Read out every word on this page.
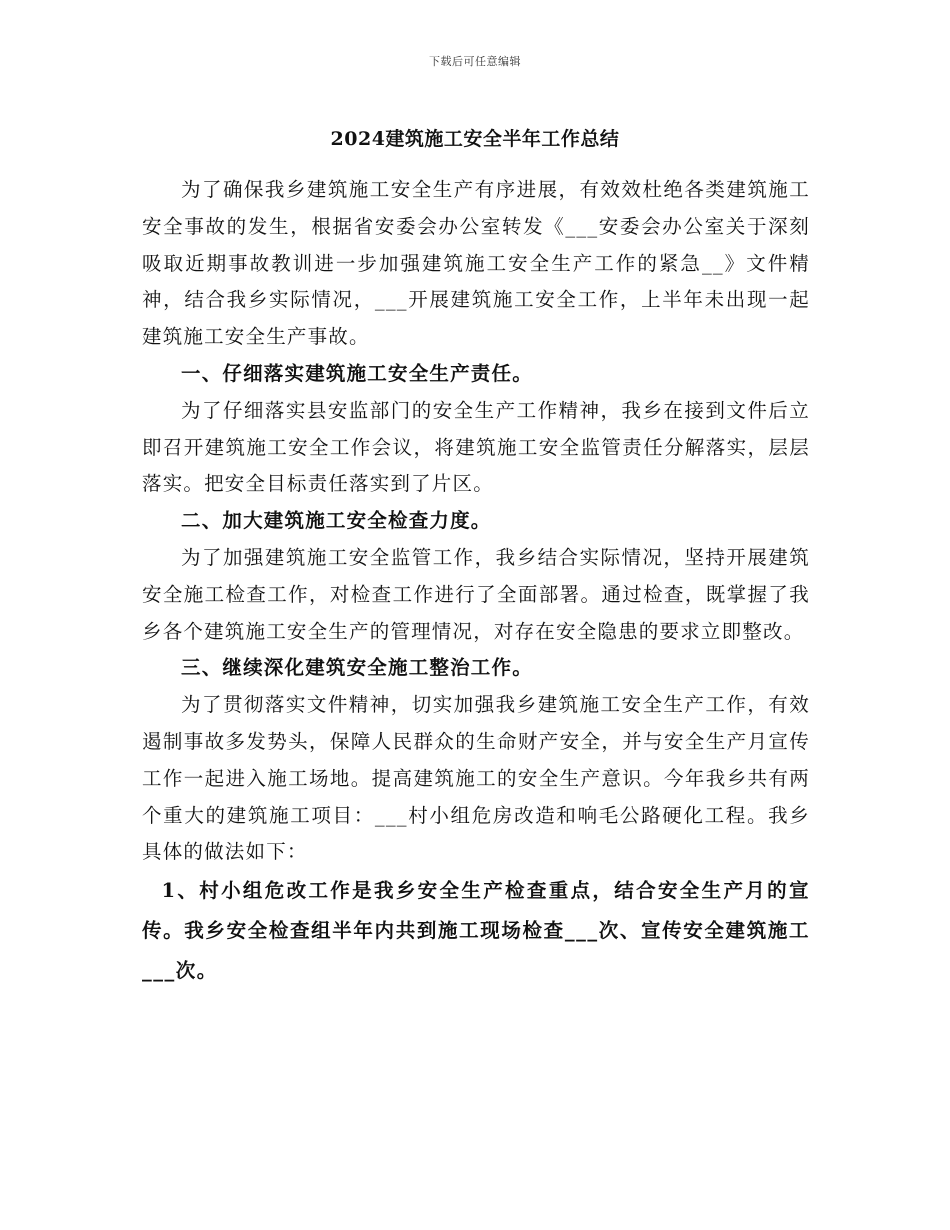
下载后可任意编辑
2024建筑施工安全半年工作总结

为了确保我乡建筑施工安全生产有序进展，有效效杜绝各类建筑施工安全事故的发生，根据省安委会办公室转发《___安委会办公室关于深刻吸取近期事故教训进一步加强建筑施工安全生产工作的紧急__》文件精神，结合我乡实际情况，___开展建筑施工安全工作，上半年未出现一起建筑施工安全生产事故。

一、仔细落实建筑施工安全生产责任。

为了仔细落实县安监部门的安全生产工作精神，我乡在接到文件后立即召开建筑施工安全工作会议，将建筑施工安全监管责任分解落实，层层落实。把安全目标责任落实到了片区。

二、加大建筑施工安全检查力度。

为了加强建筑施工安全监管工作，我乡结合实际情况，坚持开展建筑安全施工检查工作，对检查工作进行了全面部署。通过检查，既掌握了我乡各个建筑施工安全生产的管理情况，对存在安全隐患的要求立即整改。

三、继续深化建筑安全施工整治工作。

为了贯彻落实文件精神，切实加强我乡建筑施工安全生产工作，有效遏制事故多发势头，保障人民群众的生命财产安全，并与安全生产月宣传工作一起进入施工场地。提高建筑施工的安全生产意识。今年我乡共有两个重大的建筑施工项目：___村小组危房改造和响毛公路硬化工程。我乡具体的做法如下：

1、村小组危改工作是我乡安全生产检查重点，结合安全生产月的宣传。我乡安全检查组半年内共到施工现场检查___次、宣传安全建筑施工___次。
